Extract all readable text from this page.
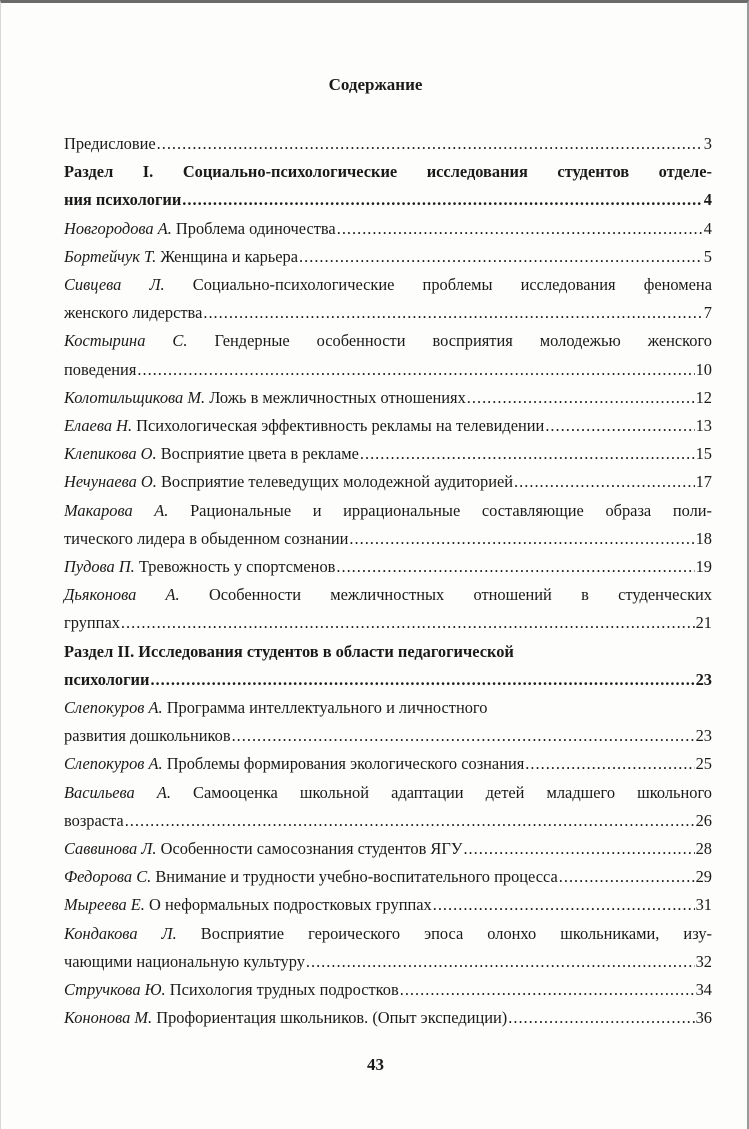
Содержание
Предисловие .....	3
Раздел I. Социально-психологические исследования студентов отделе-
ния психологии .....	4
Новгородова А. Проблема одиночества .....	4
Бортейчук Т. Женщина и карьера .....	5
Сивцева Л. Социально-психологические проблемы исследования феномена
женского лидерства .....	7
Костырина С. Гендерные особенности восприятия молодежью женского
поведения .....	10
Колотильщикова М. Ложь в межличностных отношениях .....	12
Елаева Н. Психологическая эффективность рекламы на телевидении .....	13
Клепикова О. Восприятие цвета в рекламе .....	15
Нечунаева О. Восприятие телеведущих молодежной аудиторией .....	17
Макарова А. Рациональные и иррациональные составляющие образа поли-
тического лидера в обыденном сознании .....	18
Пудова П. Тревожность у спортсменов .....	19
Дьяконова А. Особенности межличностных отношений в студенческих
группах .....	21
Раздел II. Исследования студентов в области педагогической
психологии .....	23
Слепокуров А. Программа интеллектуального и личностного
развития дошкольников .....	23
Слепокуров А. Проблемы формирования экологического сознания .....	25
Васильева А. Самооценка школьной адаптации детей младшего школьного
возраста .....	26
Саввинова Л. Особенности самосознания студентов ЯГУ .....	28
Федорова С. Внимание и трудности учебно-воспитательного процесса .....	29
Мыреева Е. О неформальных подростковых группах .....	31
Кондакова Л. Восприятие героического эпоса олонхо школьниками, изу-
чающими национальную культуру .....	32
Стручкова Ю. Психология трудных подростков .....	34
Кононова М. Профориентация школьников. (Опыт экспедиции) .....	36
43
